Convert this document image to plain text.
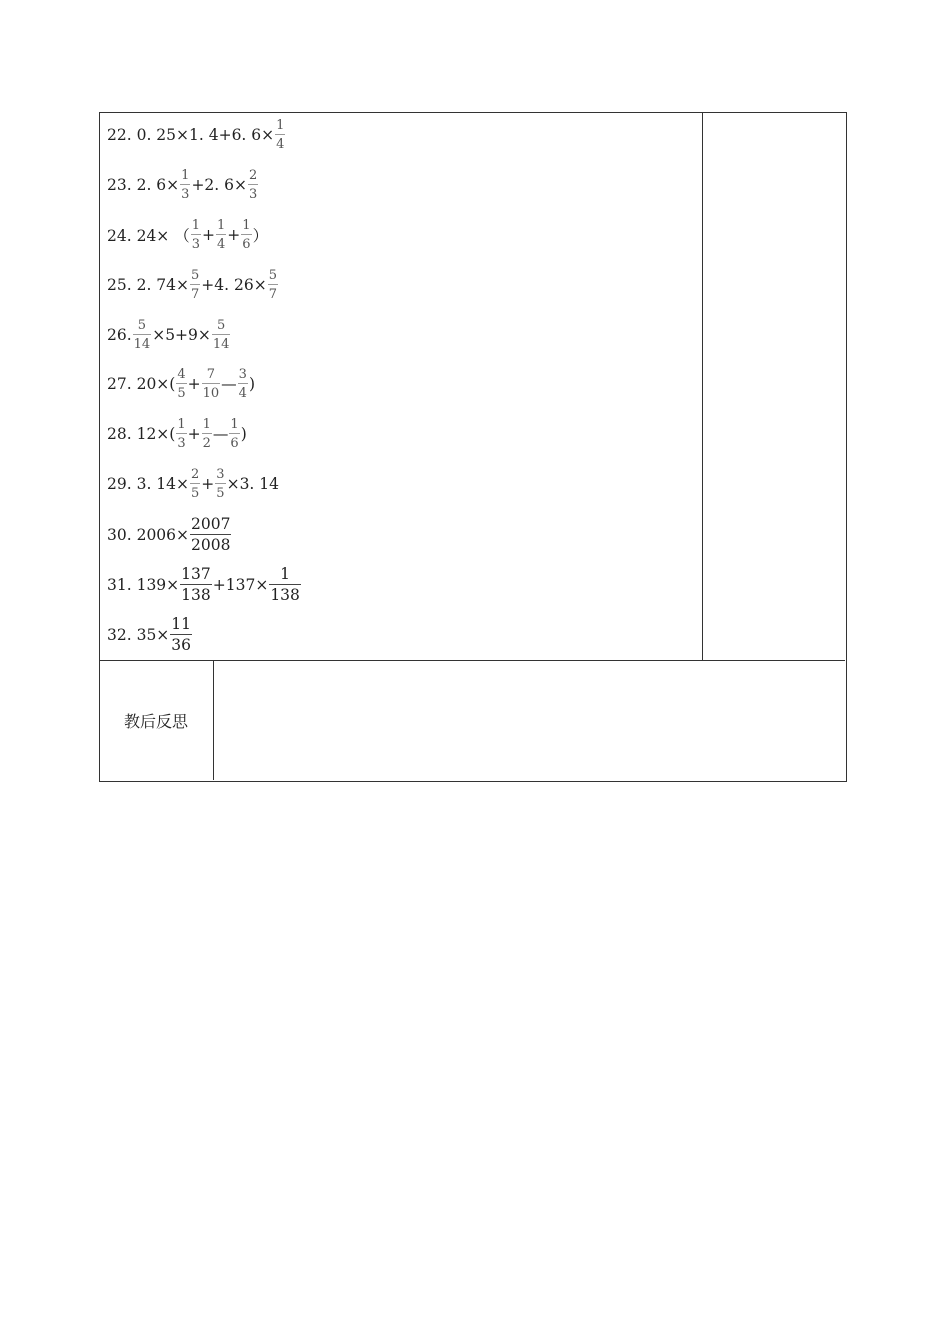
22. 0. 25×1. 4+6. $6\times \frac{1}{4}$
23. 2. $6\times \frac{1}{3} +2$. $6\times \frac{2}{3}$
24. 24× （ $\frac{1}{3} + \frac{1}{4} + \frac{1}{6}$ ）
25. 2. $74\times \frac{5}{7} +4$. $26\times \frac{5}{7}$
26. $\frac{5}{14} \times 5+9\times \frac{5}{14}$
27. $20\times( \frac{4}{5} + \frac{7}{10}$ — $\frac{3}{4}$ )
28. $12\times( \frac{1}{3} + \frac{1}{2}$ — $\frac{1}{6}$ )
29. 3. $14\times \frac{2}{5} + \frac{3}{5} \times 3$. 14
30. $2006\times \frac{2007}{2008}$
31. $139\times \frac{137}{138} +137\times \frac{1}{138}$
32. $35\times \frac{11}{36}$
教后反思
